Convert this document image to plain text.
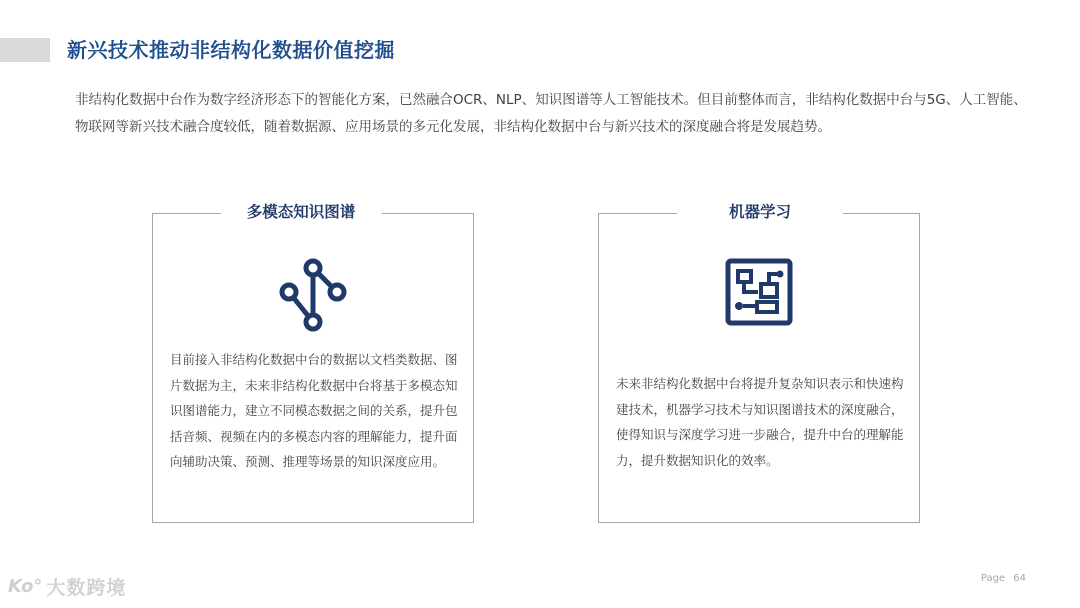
新兴技术推动非结构化数据价值挖掘
非结构化数据中台作为数字经济形态下的智能化方案，已然融合OCR、NLP、知识图谱等人工智能技术。但目前整体而言，非结构化数据中台与5G、人工智能、物联网等新兴技术融合度较低，随着数据源、应用场景的多元化发展，非结构化数据中台与新兴技术的深度融合将是发展趋势。
多模态知识图谱
目前接入非结构化数据中台的数据以文档类数据、图片数据为主，未来非结构化数据中台将基于多模态知识图谱能力，建立不同模态数据之间的关系，提升包括音频、视频在内的多模态内容的理解能力，提升面向辅助决策、预测、推理等场景的知识深度应用。
机器学习
未来非结构化数据中台将提升复杂知识表示和快速构建技术，机器学习技术与知识图谱技术的深度融合，使得知识与深度学习进一步融合，提升中台的理解能力，提升数据知识化的效率。
Ko° 大数跨境	Page 64
